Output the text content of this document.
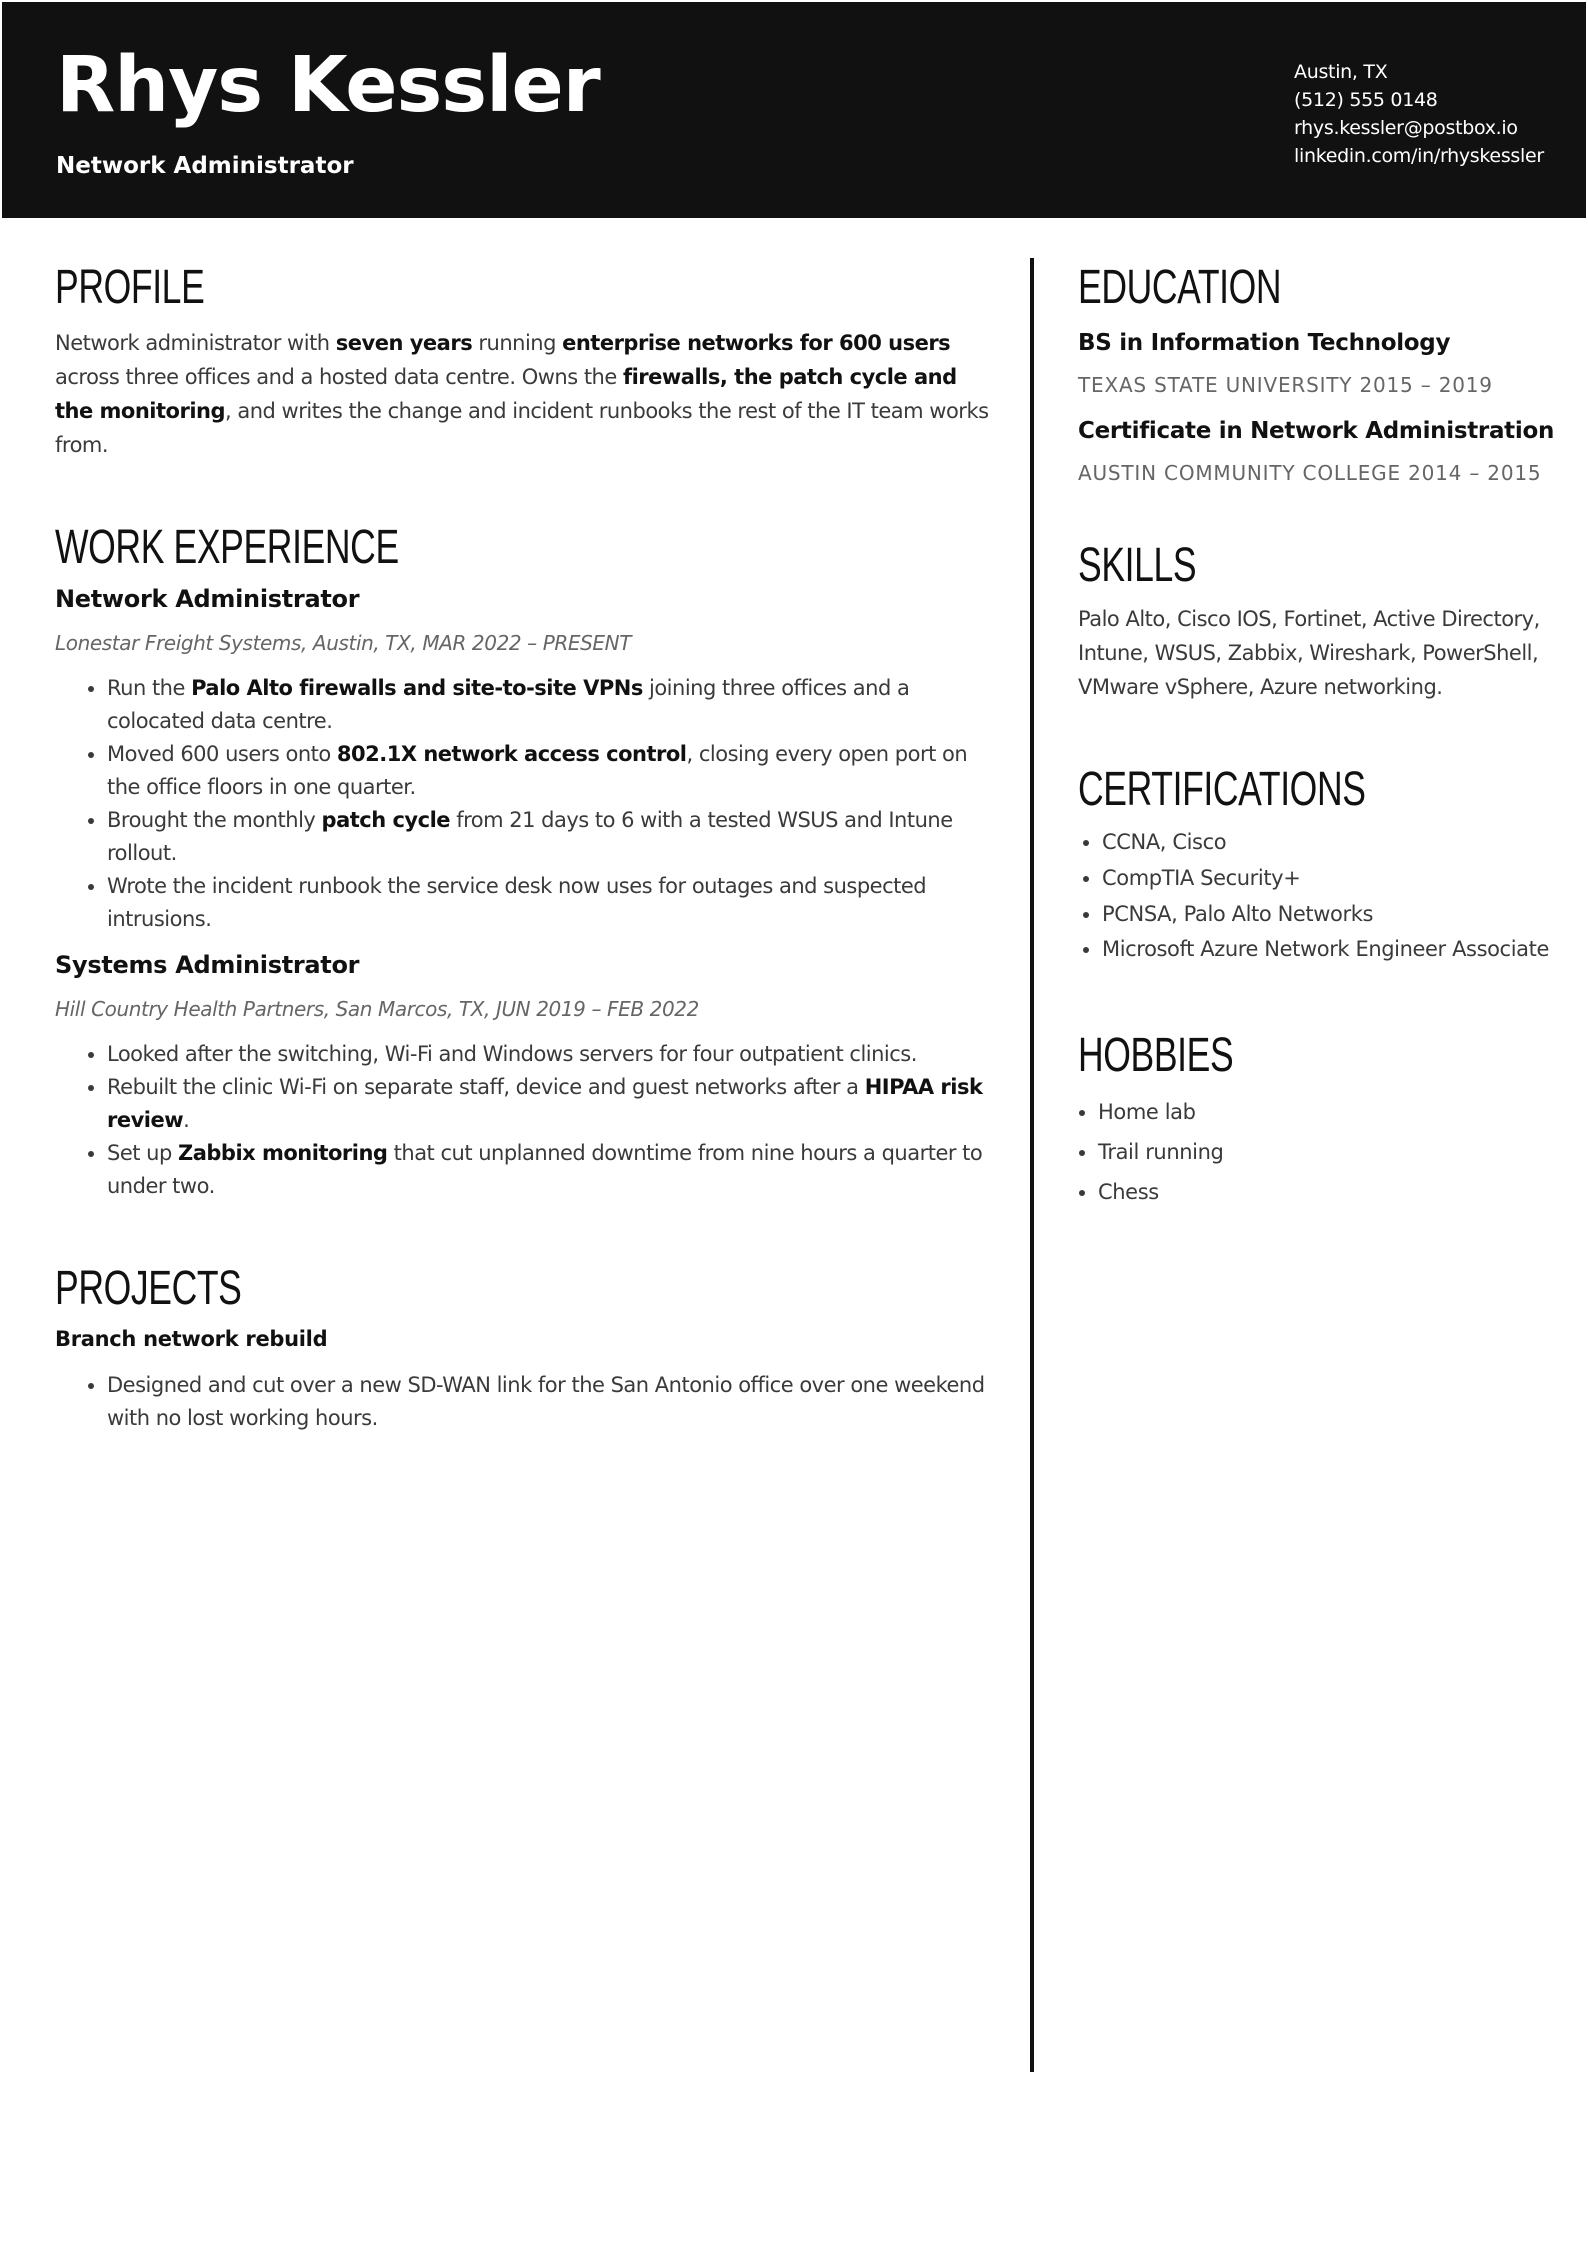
Rhys Kessler
Network Administrator
Austin, TX
(512) 555 0148
rhys.kessler@postbox.io
linkedin.com/in/rhyskessler
PROFILE
Network administrator with seven years running enterprise networks for 600 users across three offices and a hosted data centre. Owns the firewalls, the patch cycle and the monitoring, and writes the change and incident runbooks the rest of the IT team works from.
WORK EXPERIENCE
Network Administrator
Lonestar Freight Systems, Austin, TX, MAR 2022 – PRESENT
• Run the Palo Alto firewalls and site-to-site VPNs joining three offices and a colocated data centre.
• Moved 600 users onto 802.1X network access control, closing every open port on the office floors in one quarter.
• Brought the monthly patch cycle from 21 days to 6 with a tested WSUS and Intune rollout.
• Wrote the incident runbook the service desk now uses for outages and suspected intrusions.
Systems Administrator
Hill Country Health Partners, San Marcos, TX, JUN 2019 – FEB 2022
• Looked after the switching, Wi-Fi and Windows servers for four outpatient clinics.
• Rebuilt the clinic Wi-Fi on separate staff, device and guest networks after a HIPAA risk review.
• Set up Zabbix monitoring that cut unplanned downtime from nine hours a quarter to under two.
PROJECTS
Branch network rebuild
• Designed and cut over a new SD-WAN link for the San Antonio office over one weekend with no lost working hours.
EDUCATION
BS in Information Technology
TEXAS STATE UNIVERSITY 2015 – 2019
Certificate in Network Administration
AUSTIN COMMUNITY COLLEGE 2014 – 2015
SKILLS
Palo Alto, Cisco IOS, Fortinet, Active Directory, Intune, WSUS, Zabbix, Wireshark, PowerShell, VMware vSphere, Azure networking.
CERTIFICATIONS
• CCNA, Cisco
• CompTIA Security+
• PCNSA, Palo Alto Networks
• Microsoft Azure Network Engineer Associate
HOBBIES
• Home lab
• Trail running
• Chess
